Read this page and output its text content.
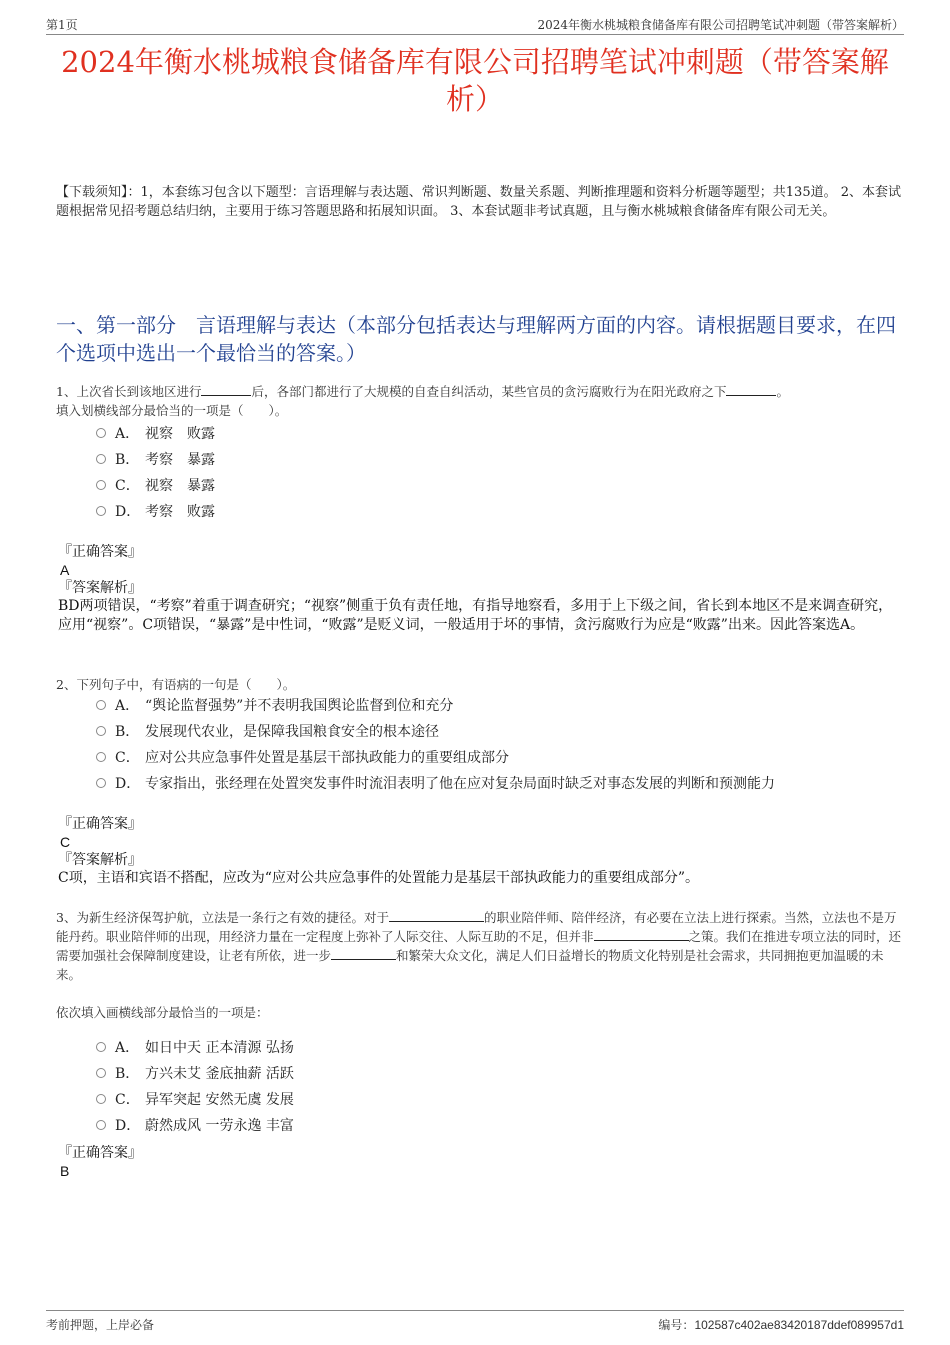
第1页	2024年衡水桃城粮食储备库有限公司招聘笔试冲刺题（带答案解析）
2024年衡水桃城粮食储备库有限公司招聘笔试冲刺题（带答案解析）
【下载须知】：1，本套练习包含以下题型：言语理解与表达题、常识判断题、数量关系题、判断推理题和资料分析题等题型；共135道。 2、本套试题根据常见招考题总结归纳，主要用于练习答题思路和拓展知识面。 3、本套试题非考试真题，且与衡水桃城粮食储备库有限公司无关。
一、第一部分　言语理解与表达（本部分包括表达与理解两方面的内容。请根据题目要求，在四个选项中选出一个最恰当的答案。）
1、上次省长到该地区进行	后，各部门都进行了大规模的自查自纠活动，某些官员的贪污腐败行为在阳光政府之下	。
填入划横线部分最恰当的一项是（　　）。
A． 视察　败露
B． 考察　暴露
C． 视察　暴露
D． 考察　败露
『正确答案』
A
『答案解析』
BD两项错误，“考察”着重于调查研究；“视察”侧重于负有责任地，有指导地察看，多用于上下级之间，省长到本地区不是来调查研究，应用“视察”。C项错误，“暴露”是中性词，“败露”是贬义词，一般适用于坏的事情，贪污腐败行为应是“败露”出来。因此答案选A。
2、下列句子中，有语病的一句是（　　）。
A． “舆论监督强势”并不表明我国舆论监督到位和充分
B． 发展现代农业，是保障我国粮食安全的根本途径
C． 应对公共应急事件处置是基层干部执政能力的重要组成部分
D． 专家指出，张经理在处置突发事件时流泪表明了他在应对复杂局面时缺乏对事态发展的判断和预测能力
『正确答案』
C
『答案解析』
C项，主语和宾语不搭配，应改为“应对公共应急事件的处置能力是基层干部执政能力的重要组成部分”。
3、为新生经济保驾护航，立法是一条行之有效的捷径。对于	的职业陪伴师、陪伴经济，有必要在立法上进行探索。当然，立法也不是万能丹药。职业陪伴师的出现，用经济力量在一定程度上弥补了人际交往、人际互助的不足，但并非	之策。我们在推进专项立法的同时，还需要加强社会保障制度建设，让老有所依，进一步	和繁荣大众文化，满足人们日益增长的物质文化特别是社会需求，共同拥抱更加温暖的未来。
依次填入画横线部分最恰当的一项是：
A． 如日中天 正本清源 弘扬
B． 方兴未艾 釜底抽薪 活跃
C． 异军突起 安然无虞 发展
D． 蔚然成风 一劳永逸 丰富
『正确答案』
B
考前押题，上岸必备	编号：102587c402ae83420187ddef089957d1
